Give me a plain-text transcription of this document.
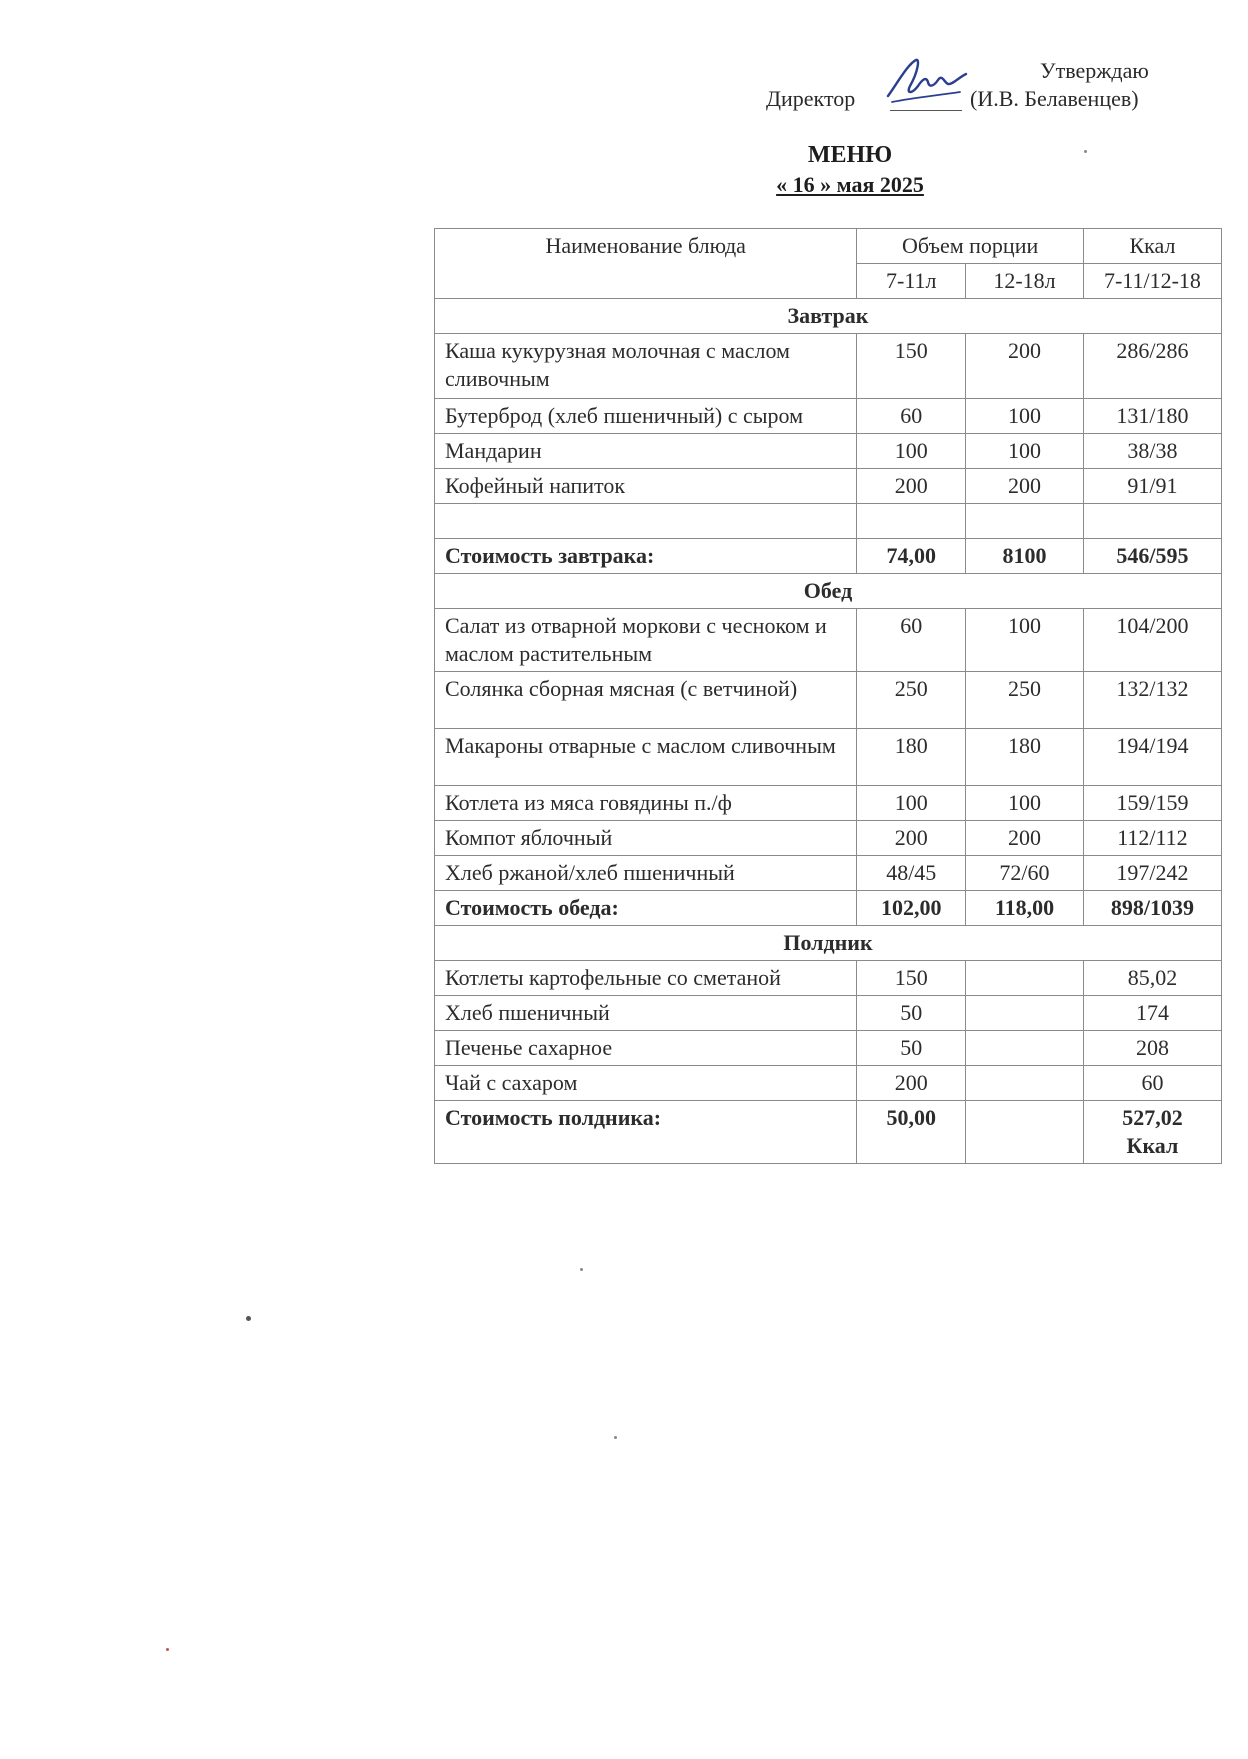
Утверждаю
Директор	(И.В. Белавенцев)
МЕНЮ
« 16 » мая 2025
Наименование блюда	Объем порции		Ккал
	7-11л	12-18л	7-11/12-18
Завтрак			
Каша кукурузная молочная с маслом сливочным	150	200	286/286
Бутерброд (хлеб пшеничный) с сыром	60	100	131/180
Мандарин	100	100	38/38
Кофейный напиток	200	200	91/91

Стоимость завтрака:	74,00	8100	546/595
Обед			
Салат из отварной моркови с чесноком и маслом растительным	60	100	104/200
Солянка сборная мясная (с ветчиной)	250	250	132/132
Макароны отварные с маслом сливочным	180	180	194/194
Котлета из мяса говядины п./ф	100	100	159/159
Компот яблочный	200	200	112/112
Хлеб ржаной/хлеб пшеничный	48/45	72/60	197/242
Стоимость обеда:	102,00	118,00	898/1039
Полдник			
Котлеты картофельные со сметаной	150		85,02
Хлеб пшеничный	50		174
Печенье сахарное	50		208
Чай с сахаром	200		60
Стоимость полдника:	50,00		527,02 Ккал
